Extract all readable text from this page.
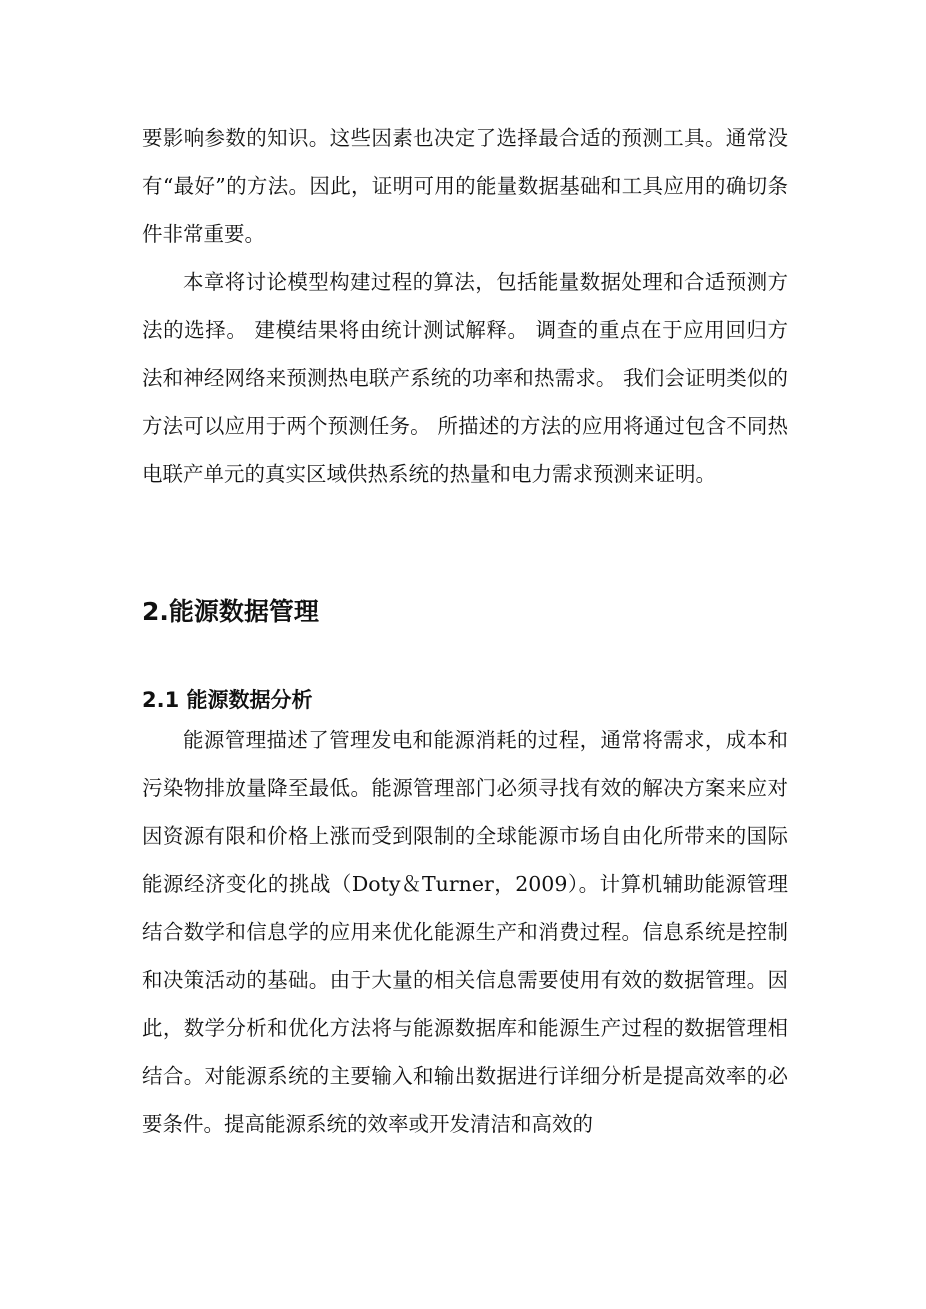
要影响参数的知识。这些因素也决定了选择最合适的预测工具。通常没有“最好”的方法。因此，证明可用的能量数据基础和工具应用的确切条件非常重要。

本章将讨论模型构建过程的算法，包括能量数据处理和合适预测方法的选择。 建模结果将由统计测试解释。 调查的重点在于应用回归方法和神经网络来预测热电联产系统的功率和热需求。 我们会证明类似的方法可以应用于两个预测任务。 所描述的方法的应用将通过包含不同热电联产单元的真实区域供热系统的热量和电力需求预测来证明。

2.能源数据管理
2.1 能源数据分析

能源管理描述了管理发电和能源消耗的过程，通常将需求，成本和污染物排放量降至最低。能源管理部门必须寻找有效的解决方案来应对因资源有限和价格上涨而受到限制的全球能源市场自由化所带来的国际能源经济变化的挑战（Doty＆Turner，2009）。计算机辅助能源管理结合数学和信息学的应用来优化能源生产和消费过程。信息系统是控制和决策活动的基础。由于大量的相关信息需要使用有效的数据管理。因此，数学分析和优化方法将与能源数据库和能源生产过程的数据管理相结合。对能源系统的主要输入和输出数据进行详细分析是提高效率的必要条件。提高能源系统的效率或开发清洁和高效的
